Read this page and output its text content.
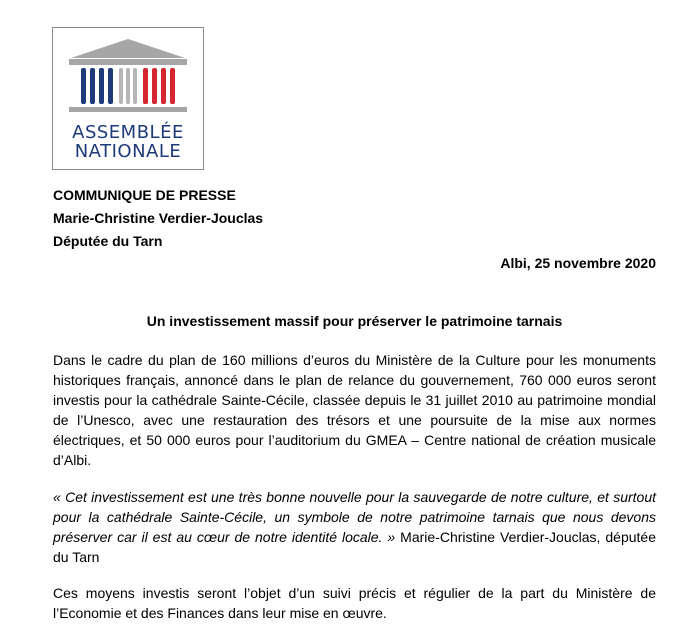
ASSEMBLÉE
NATIONALE
COMMUNIQUE DE PRESSE
Marie-Christine Verdier-Jouclas
Députée du Tarn
Albi, 25 novembre 2020
Un investissement massif pour préserver le patrimoine tarnais
Dans le cadre du plan de 160 millions d’euros du Ministère de la Culture pour les monuments historiques français, annoncé dans le plan de relance du gouvernement, 760 000 euros seront investis pour la cathédrale Sainte-Cécile, classée depuis le 31 juillet 2010 au patrimoine mondial de l’Unesco, avec une restauration des trésors et une poursuite de la mise aux normes électriques, et 50 000 euros pour l’auditorium du GMEA – Centre national de création musicale d’Albi.
« Cet investissement est une très bonne nouvelle pour la sauvegarde de notre culture, et surtout pour la cathédrale Sainte-Cécile, un symbole de notre patrimoine tarnais que nous devons préserver car il est au cœur de notre identité locale. » Marie-Christine Verdier-Jouclas, députée du Tarn
Ces moyens investis seront l’objet d’un suivi précis et régulier de la part du Ministère de l’Economie et des Finances dans leur mise en œuvre.
